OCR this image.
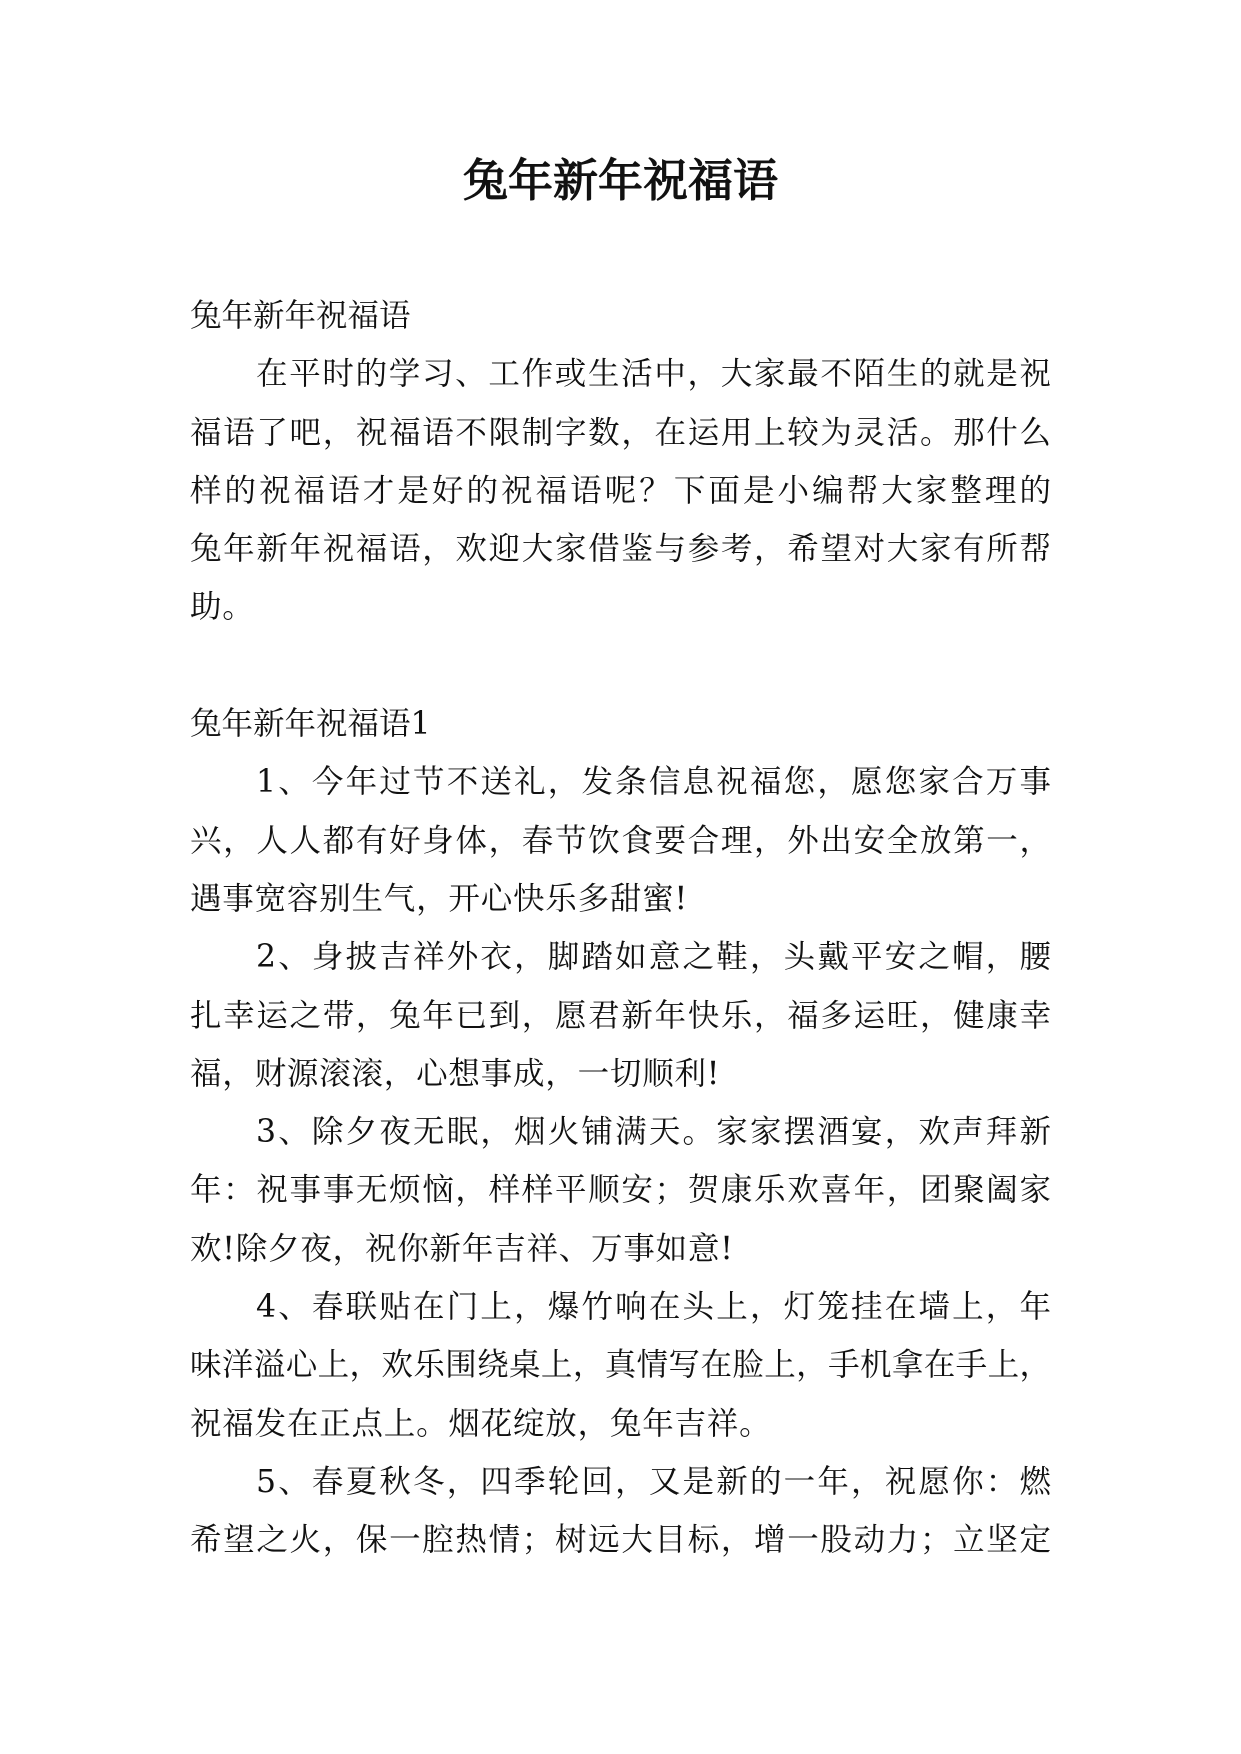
兔年新年祝福语
兔年新年祝福语
在平时的学习、工作或生活中，大家最不陌生的就是祝
福语了吧，祝福语不限制字数，在运用上较为灵活。那什么
样的祝福语才是好的祝福语呢？下面是小编帮大家整理的
兔年新年祝福语，欢迎大家借鉴与参考，希望对大家有所帮
助。
兔年新年祝福语1
1、今年过节不送礼，发条信息祝福您，愿您家合万事
兴，人人都有好身体，春节饮食要合理，外出安全放第一，
遇事宽容别生气，开心快乐多甜蜜!
2、身披吉祥外衣，脚踏如意之鞋，头戴平安之帽，腰
扎幸运之带，兔年已到，愿君新年快乐，福多运旺，健康幸
福，财源滚滚，心想事成，一切顺利!
3、除夕夜无眠，烟火铺满天。家家摆酒宴，欢声拜新
年：祝事事无烦恼，样样平顺安；贺康乐欢喜年，团聚阖家
欢!除夕夜，祝你新年吉祥、万事如意!
4、春联贴在门上，爆竹响在头上，灯笼挂在墙上，年
味洋溢心上，欢乐围绕桌上，真情写在脸上，手机拿在手上，
祝福发在正点上。烟花绽放，兔年吉祥。
5、春夏秋冬，四季轮回，又是新的一年，祝愿你：燃
希望之火，保一腔热情；树远大目标，增一股动力；立坚定
